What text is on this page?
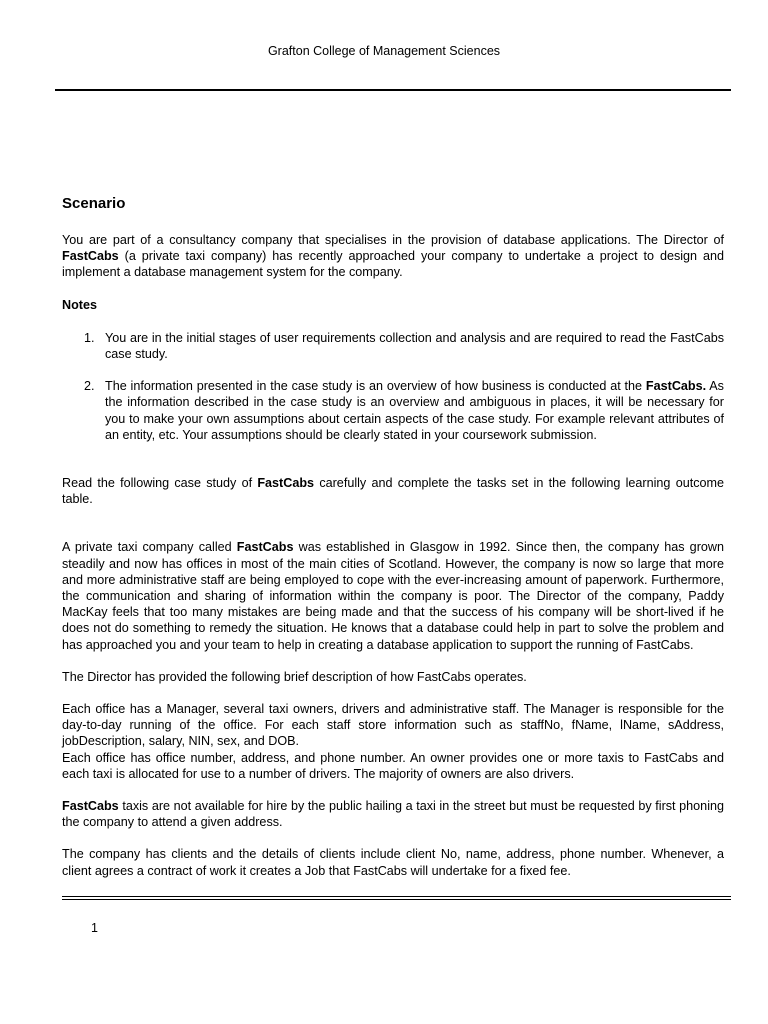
Grafton College of Management Sciences
Scenario

You are part of a consultancy company that specialises in the provision of database applications. The Director of FastCabs (a private taxi company) has recently approached your company to undertake a project to design and implement a database management system for the company.

Notes
1. You are in the initial stages of user requirements collection and analysis and are required to read the FastCabs case study.
2. The information presented in the case study is an overview of how business is conducted at the FastCabs. As the information described in the case study is an overview and ambiguous in places, it will be necessary for you to make your own assumptions about certain aspects of the case study. For example relevant attributes of an entity, etc. Your assumptions should be clearly stated in your coursework submission.

Read the following case study of FastCabs carefully and complete the tasks set in the following learning outcome table.

A private taxi company called FastCabs was established in Glasgow in 1992. Since then, the company has grown steadily and now has offices in most of the main cities of Scotland. However, the company is now so large that more and more administrative staff are being employed to cope with the ever-increasing amount of paperwork. Furthermore, the communication and sharing of information within the company is poor. The Director of the company, Paddy MacKay feels that too many mistakes are being made and that the success of his company will be short-lived if he does not do something to remedy the situation. He knows that a database could help in part to solve the problem and has approached you and your team to help in creating a database application to support the running of FastCabs.

The Director has provided the following brief description of how FastCabs operates.

Each office has a Manager, several taxi owners, drivers and administrative staff. The Manager is responsible for the day-to-day running of the office. For each staff store information such as staffNo, fName, lName, sAddress, jobDescription, salary, NIN, sex, and DOB.

Each office has office number, address, and phone number. An owner provides one or more taxis to FastCabs and each taxi is allocated for use to a number of drivers. The majority of owners are also drivers.

FastCabs taxis are not available for hire by the public hailing a taxi in the street but must be requested by first phoning the company to attend a given address.

The company has clients and the details of clients include client No, name, address, phone number. Whenever, a client agrees a contract of work it creates a Job that FastCabs will undertake for a fixed fee.

1
